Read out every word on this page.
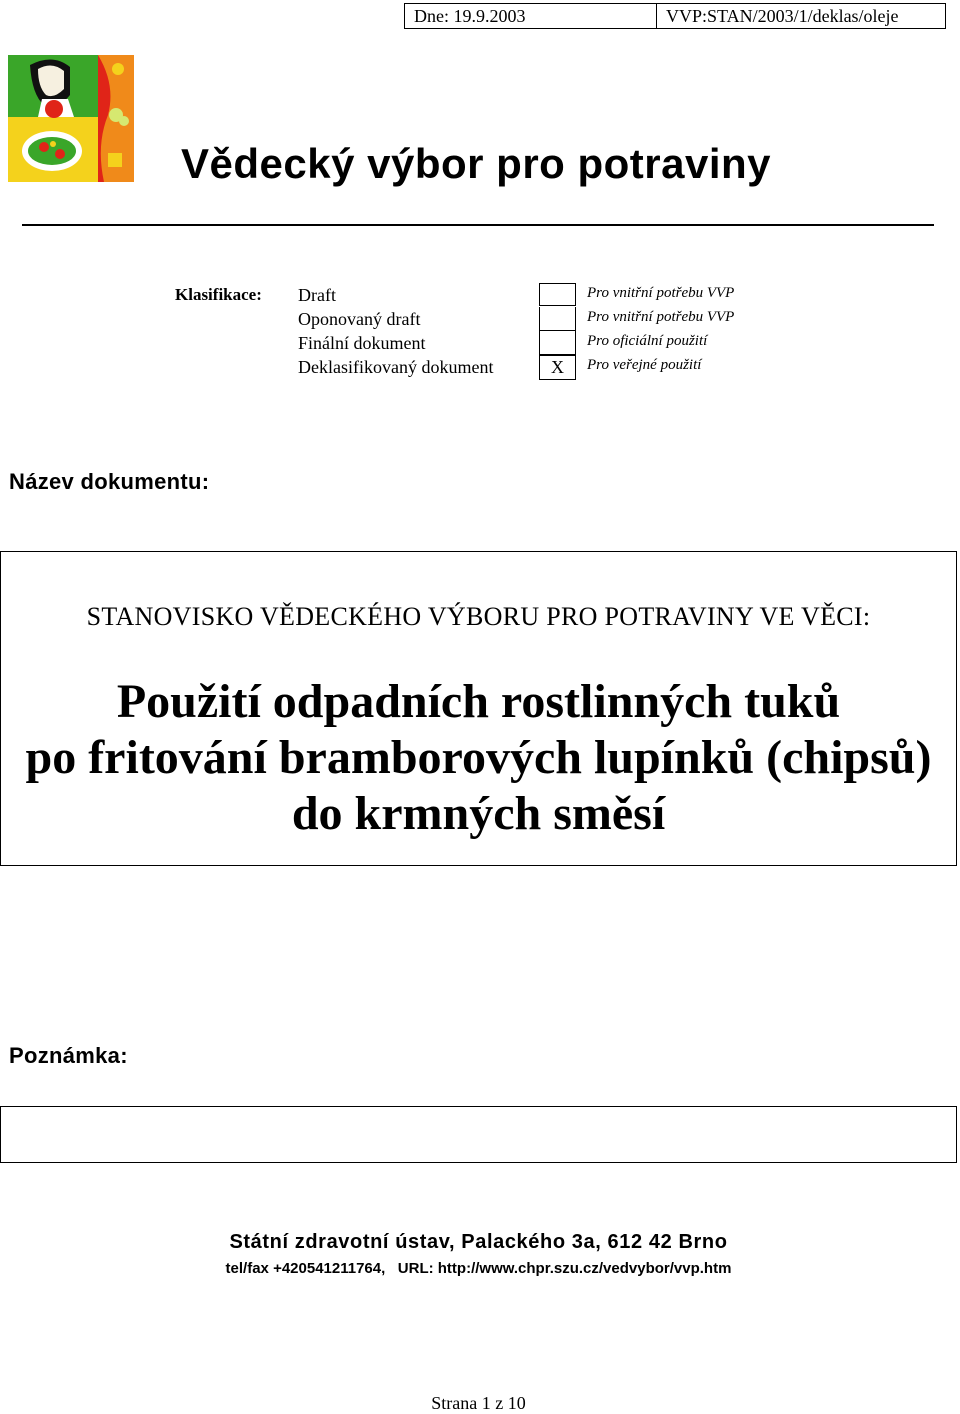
Dne: 19.9.2003	VVP:STAN/2003/1/deklas/oleje
Vědecký výbor pro potraviny
Klasifikace: Draft
Oponovaný draft
Finální dokument
Deklasifikovaný dokument	X
Pro vnitřní potřebu VVP
Pro vnitřní potřebu VVP
Pro oficiální použití
Pro veřejné použití
Název dokumentu:
STANOVISKO VĚDECKÉHO VÝBORU PRO POTRAVINY VE VĚCI:
Použití odpadních rostlinných tuků
po fritování bramborových lupínků (chipsů)
do krmných směsí
Poznámka:
Státní zdravotní ústav, Palackého 3a, 612 42 Brno
tel/fax +420541211764,   URL: http://www.chpr.szu.cz/vedvybor/vvp.htm
Strana 1 z 10
